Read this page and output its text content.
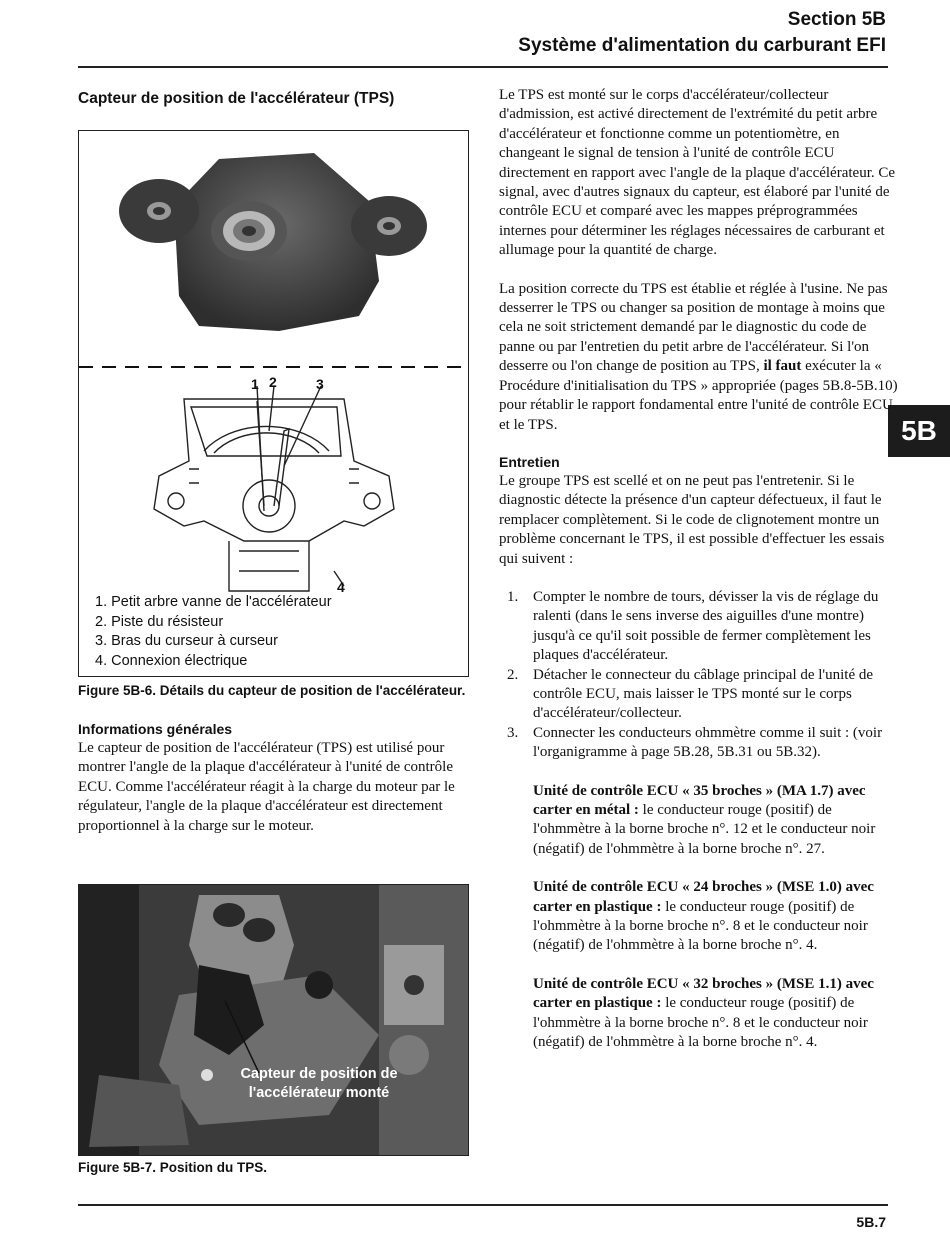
Section 5B
Système d'alimentation du carburant EFI
5B

Capteur de position de l'accélérateur (TPS)

1 2	3
4
1. Petit arbre vanne de l'accélérateur
2. Piste du résisteur
3. Bras du curseur à curseur
4. Connexion électrique

Figure 5B-6. Détails du capteur de position de l'accélérateur.

Informations générales

Le capteur de position de l'accélérateur (TPS) est utilisé pour montrer l'angle de la plaque d'accélérateur à l'unité de contrôle ECU. Comme l'accélérateur réagit à la charge du moteur par le régulateur, l'angle de la plaque d'accélérateur est directement proportionnel à la charge sur le moteur.

Capteur de position de
l'accélérateur monté

Figure 5B-7. Position du TPS.

Le TPS est monté sur le corps d'accélérateur/collecteur d'admission, est activé directement de l'extrémité du petit arbre d'accélérateur et fonctionne comme un potentiomètre, en changeant le signal de tension à l'unité de contrôle ECU directement en rapport avec l'angle de la plaque d'accélérateur. Ce signal, avec d'autres signaux du capteur, est élaboré par l'unité de contrôle ECU et comparé avec les mappes préprogrammées internes pour déterminer les réglages nécessaires de carburant et allumage pour la quantité de charge.

La position correcte du TPS est établie et réglée à l'usine. Ne pas desserrer le TPS ou changer sa position de montage à moins que cela ne soit strictement demandé par le diagnostic du code de panne ou par l'entretien du petit arbre de l'accélérateur. Si l'on desserre ou l'on change de position au TPS, il faut exécuter la « Procédure d'initialisation du TPS » appropriée (pages 5B.8-5B.10) pour rétablir le rapport fondamental entre l'unité de contrôle ECU et le TPS.

Entretien

Le groupe TPS est scellé et on ne peut pas l'entretenir. Si le diagnostic détecte la présence d'un capteur défectueux, il faut le remplacer complètement. Si le code de clignotement montre un problème concernant le TPS, il est possible d'effectuer les essais qui suivent :

1. Compter le nombre de tours, dévisser la vis de réglage du ralenti (dans le sens inverse des aiguilles d'une montre) jusqu'à ce qu'il soit possible de fermer complètement les plaques d'accélérateur.
2. Détacher le connecteur du câblage principal de l'unité de contrôle ECU, mais laisser le TPS monté sur le corps d'accélérateur/collecteur.
3. Connecter les conducteurs ohmmètre comme il suit : (voir l'organigramme à page 5B.28, 5B.31 ou 5B.32).

Unité de contrôle ECU « 35 broches » (MA 1.7) avec carter en métal : le conducteur rouge (positif) de l'ohmmètre à la borne broche n°. 12 et le conducteur noir (négatif) de l'ohmmètre à la borne broche n°. 27.

Unité de contrôle ECU « 24 broches » (MSE 1.0) avec carter en plastique : le conducteur rouge (positif) de l'ohmmètre à la borne broche n°. 8 et le conducteur noir (négatif) de l'ohmmètre à la borne broche n°. 4.

Unité de contrôle ECU « 32 broches » (MSE 1.1) avec carter en plastique : le conducteur rouge (positif) de l'ohmmètre à la borne broche n°. 8 et le conducteur noir (négatif) de l'ohmmètre à la borne broche n°. 4.

5B.7
